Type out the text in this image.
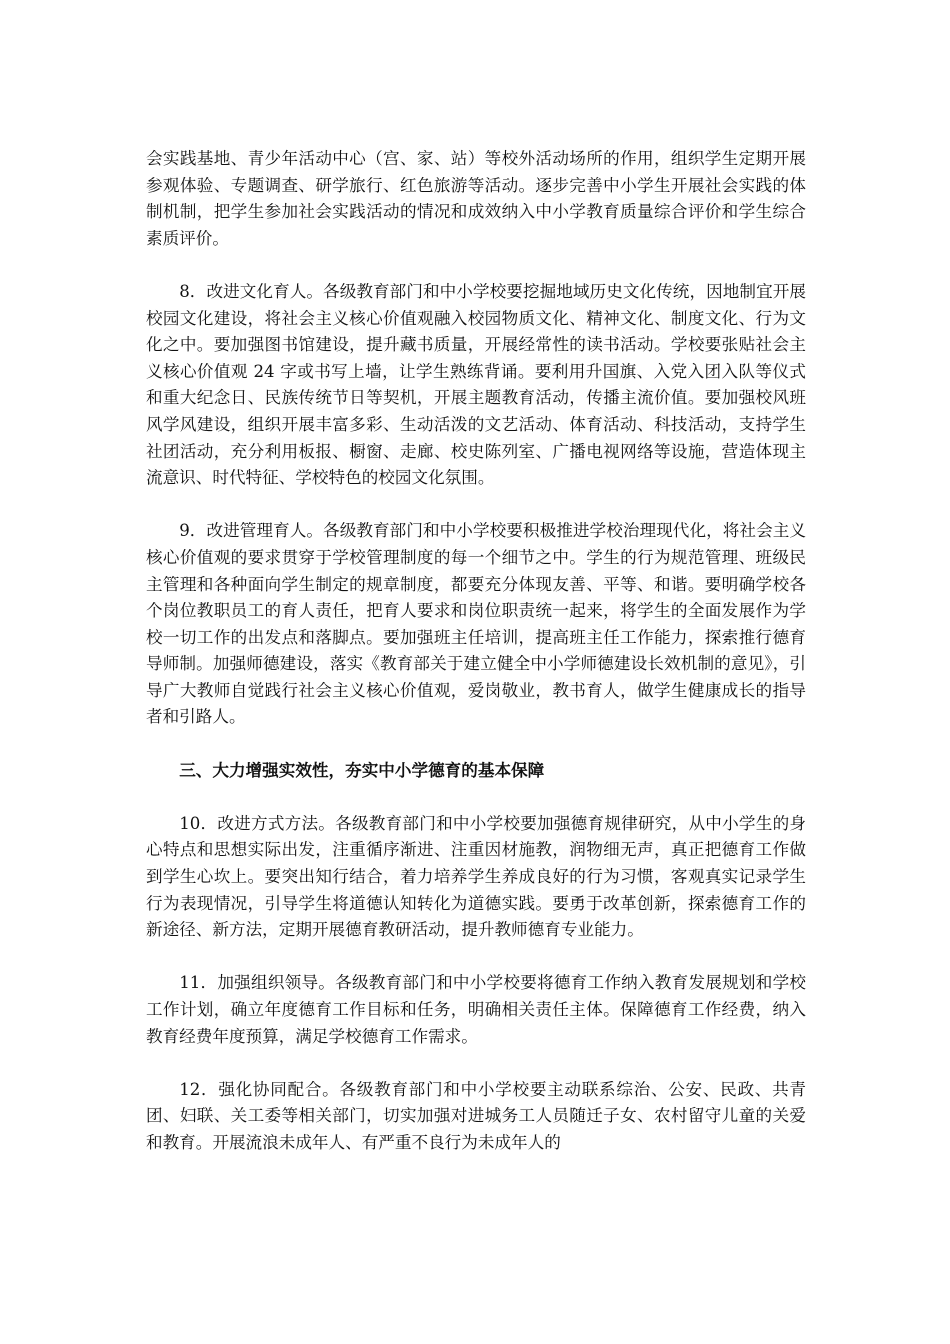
会实践基地、青少年活动中心（宫、家、站）等校外活动场所的作用，组织学生定期开展参观体验、专题调查、研学旅行、红色旅游等活动。逐步完善中小学生开展社会实践的体制机制，把学生参加社会实践活动的情况和成效纳入中小学教育质量综合评价和学生综合素质评价。

8．改进文化育人。各级教育部门和中小学校要挖掘地域历史文化传统，因地制宜开展校园文化建设，将社会主义核心价值观融入校园物质文化、精神文化、制度文化、行为文化之中。要加强图书馆建设，提升藏书质量，开展经常性的读书活动。学校要张贴社会主义核心价值观 24 字或书写上墙，让学生熟练背诵。要利用升国旗、入党入团入队等仪式和重大纪念日、民族传统节日等契机，开展主题教育活动，传播主流价值。要加强校风班风学风建设，组织开展丰富多彩、生动活泼的文艺活动、体育活动、科技活动，支持学生社团活动，充分利用板报、橱窗、走廊、校史陈列室、广播电视网络等设施，营造体现主流意识、时代特征、学校特色的校园文化氛围。

9．改进管理育人。各级教育部门和中小学校要积极推进学校治理现代化，将社会主义核心价值观的要求贯穿于学校管理制度的每一个细节之中。学生的行为规范管理、班级民主管理和各种面向学生制定的规章制度，都要充分体现友善、平等、和谐。要明确学校各个岗位教职员工的育人责任，把育人要求和岗位职责统一起来，将学生的全面发展作为学校一切工作的出发点和落脚点。要加强班主任培训，提高班主任工作能力，探索推行德育导师制。加强师德建设，落实《教育部关于建立健全中小学师德建设长效机制的意见》，引导广大教师自觉践行社会主义核心价值观，爱岗敬业，教书育人，做学生健康成长的指导者和引路人。

三、大力增强实效性，夯实中小学德育的基本保障

10．改进方式方法。各级教育部门和中小学校要加强德育规律研究，从中小学生的身心特点和思想实际出发，注重循序渐进、注重因材施教，润物细无声，真正把德育工作做到学生心坎上。要突出知行结合，着力培养学生养成良好的行为习惯，客观真实记录学生行为表现情况，引导学生将道德认知转化为道德实践。要勇于改革创新，探索德育工作的新途径、新方法，定期开展德育教研活动，提升教师德育专业能力。

11．加强组织领导。各级教育部门和中小学校要将德育工作纳入教育发展规划和学校工作计划，确立年度德育工作目标和任务，明确相关责任主体。保障德育工作经费，纳入教育经费年度预算，满足学校德育工作需求。

12．强化协同配合。各级教育部门和中小学校要主动联系综治、公安、民政、共青团、妇联、关工委等相关部门，切实加强对进城务工人员随迁子女、农村留守儿童的关爱和教育。开展流浪未成年人、有严重不良行为未成年人的
